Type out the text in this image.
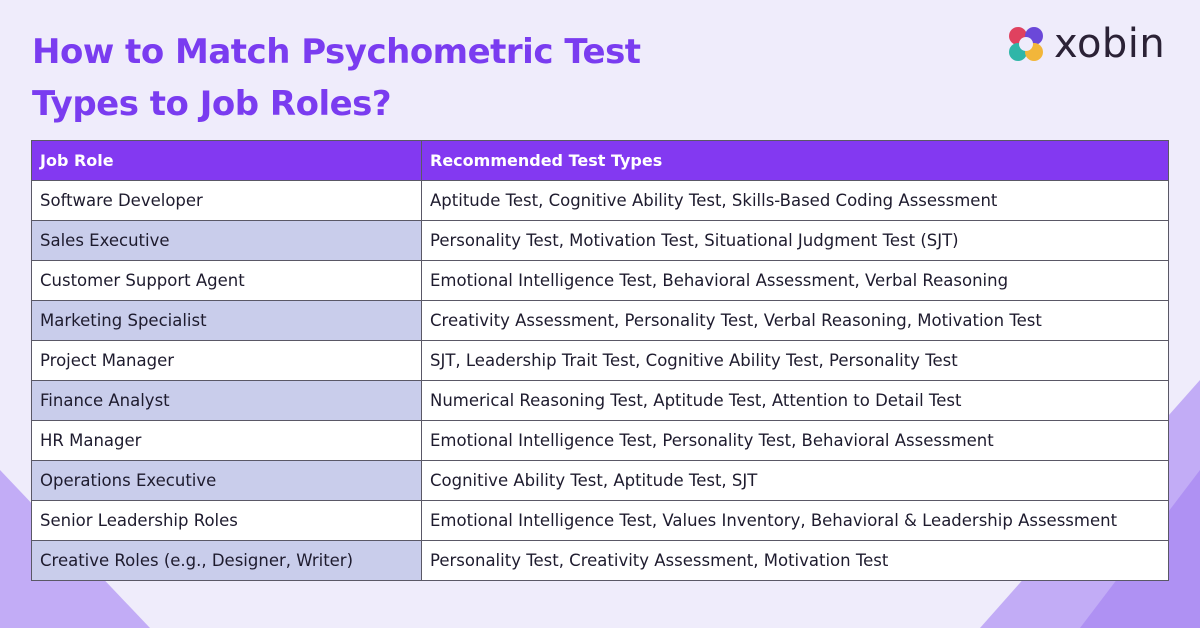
How to Match Psychometric Test
Types to Job Roles?
xobin
Job Role	Recommended Test Types
Software Developer	Aptitude Test, Cognitive Ability Test, Skills-Based Coding Assessment
Sales Executive	Personality Test, Motivation Test, Situational Judgment Test (SJT)
Customer Support Agent	Emotional Intelligence Test, Behavioral Assessment, Verbal Reasoning
Marketing Specialist	Creativity Assessment, Personality Test, Verbal Reasoning, Motivation Test
Project Manager	SJT, Leadership Trait Test, Cognitive Ability Test, Personality Test
Finance Analyst	Numerical Reasoning Test, Aptitude Test, Attention to Detail Test
HR Manager	Emotional Intelligence Test, Personality Test, Behavioral Assessment
Operations Executive	Cognitive Ability Test, Aptitude Test, SJT
Senior Leadership Roles	Emotional Intelligence Test, Values Inventory, Behavioral & Leadership Assessment
Creative Roles (e.g., Designer, Writer)	Personality Test, Creativity Assessment, Motivation Test
